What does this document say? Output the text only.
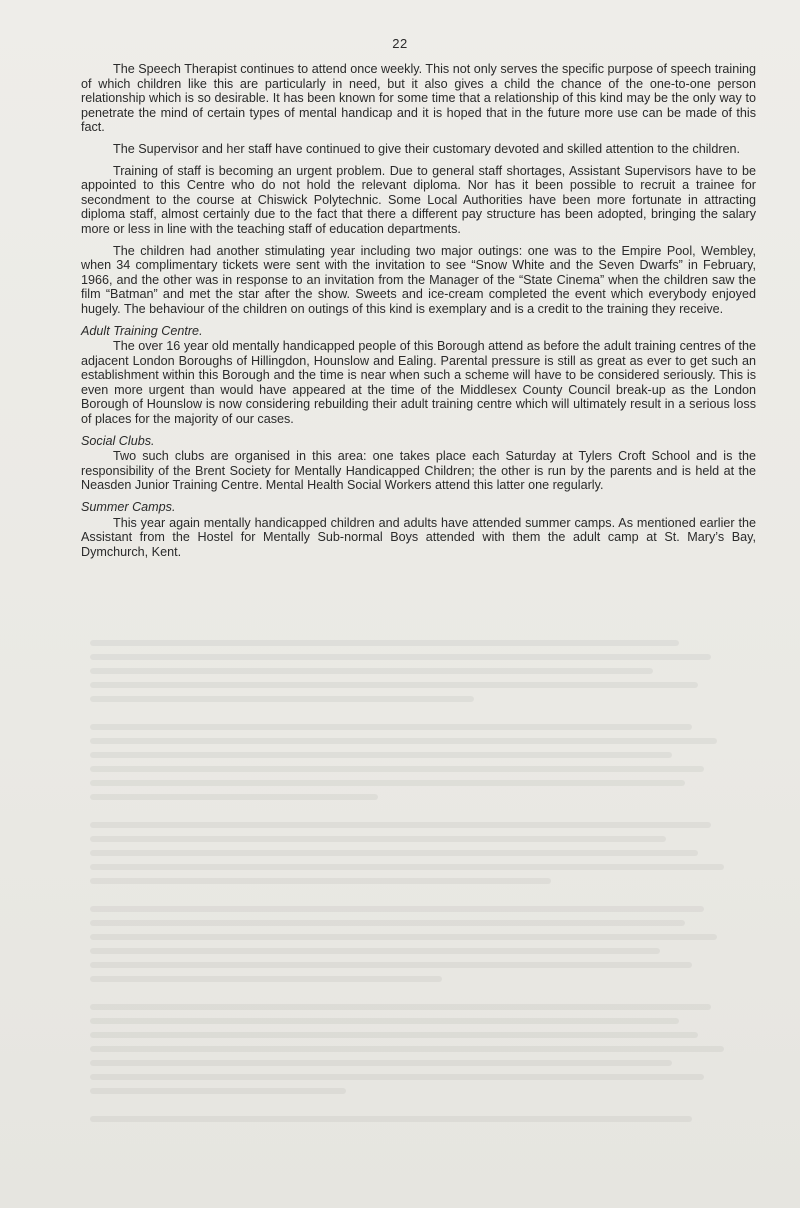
22

The Speech Therapist continues to attend once weekly. This not only serves the specific purpose of speech training of which children like this are particularly in need, but it also gives a child the chance of the one-to-one person relationship which is so desirable. It has been known for some time that a relationship of this kind may be the only way to penetrate the mind of certain types of mental handicap and it is hoped that in the future more use can be made of this fact.

The Supervisor and her staff have continued to give their customary devoted and skilled attention to the children.

Training of staff is becoming an urgent problem. Due to general staff shortages, Assistant Supervisors have to be appointed to this Centre who do not hold the relevant diploma. Nor has it been possible to recruit a trainee for secondment to the course at Chiswick Polytechnic. Some Local Authorities have been more fortunate in attracting diploma staff, almost certainly due to the fact that there a different pay structure has been adopted, bringing the salary more or less in line with the teaching staff of education departments.

The children had another stimulating year including two major outings: one was to the Empire Pool, Wembley, when 34 complimentary tickets were sent with the invitation to see “Snow White and the Seven Dwarfs” in February, 1966, and the other was in response to an invitation from the Manager of the “State Cinema” when the children saw the film “Batman” and met the star after the show. Sweets and ice-cream completed the event which everybody enjoyed hugely. The behaviour of the children on outings of this kind is exemplary and is a credit to the training they receive.

Adult Training Centre.

The over 16 year old mentally handicapped people of this Borough attend as before the adult training centres of the adjacent London Boroughs of Hillingdon, Hounslow and Ealing. Parental pressure is still as great as ever to get such an establishment within this Borough and the time is near when such a scheme will have to be considered seriously. This is even more urgent than would have appeared at the time of the Middlesex County Council break-up as the London Borough of Hounslow is now considering rebuilding their adult training centre which will ultimately result in a serious loss of places for the majority of our cases.

Social Clubs.

Two such clubs are organised in this area: one takes place each Saturday at Tylers Croft School and is the responsibility of the Brent Society for Mentally Handicapped Children; the other is run by the parents and is held at the Neasden Junior Training Centre. Mental Health Social Workers attend this latter one regularly.

Summer Camps.

This year again mentally handicapped children and adults have attended summer camps. As mentioned earlier the Assistant from the Hostel for Mentally Sub-normal Boys attended with them the adult camp at St. Mary’s Bay, Dymchurch, Kent.
